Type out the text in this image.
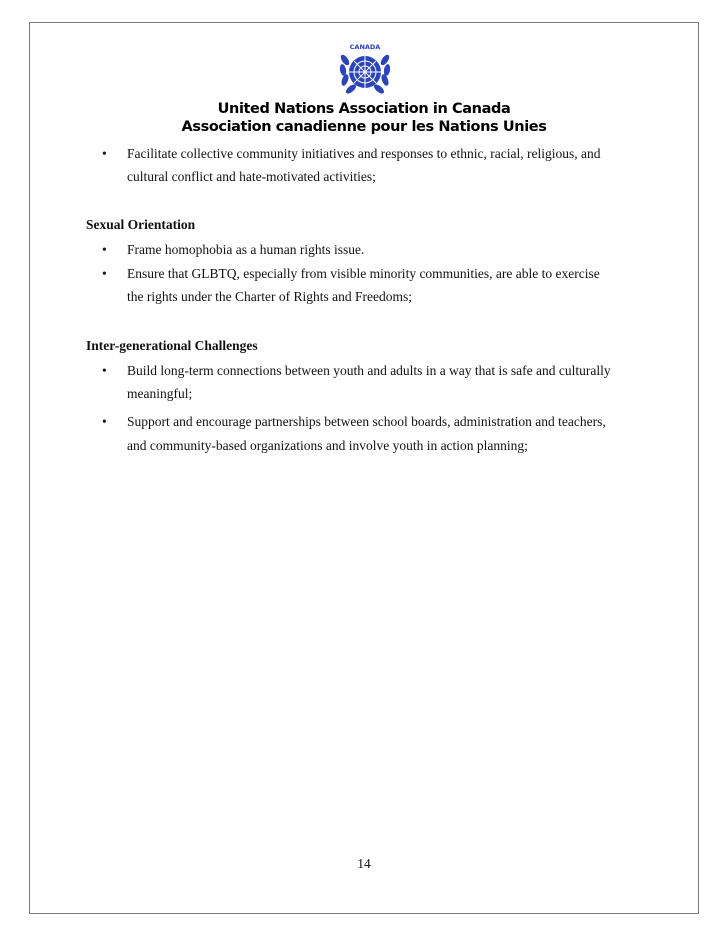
CANADA
United Nations Association in Canada
Association canadienne pour les Nations Unies
• Facilitate collective community initiatives and responses to ethnic, racial, religious, and
cultural conflict and hate-motivated activities;
Sexual Orientation
• Frame homophobia as a human rights issue.
• Ensure that GLBTQ, especially from visible minority communities, are able to exercise
the rights under the Charter of Rights and Freedoms;
Inter-generational Challenges
• Build long-term connections between youth and adults in a way that is safe and culturally
meaningful;
• Support and encourage partnerships between school boards, administration and teachers,
and community-based organizations and involve youth in action planning;
14
